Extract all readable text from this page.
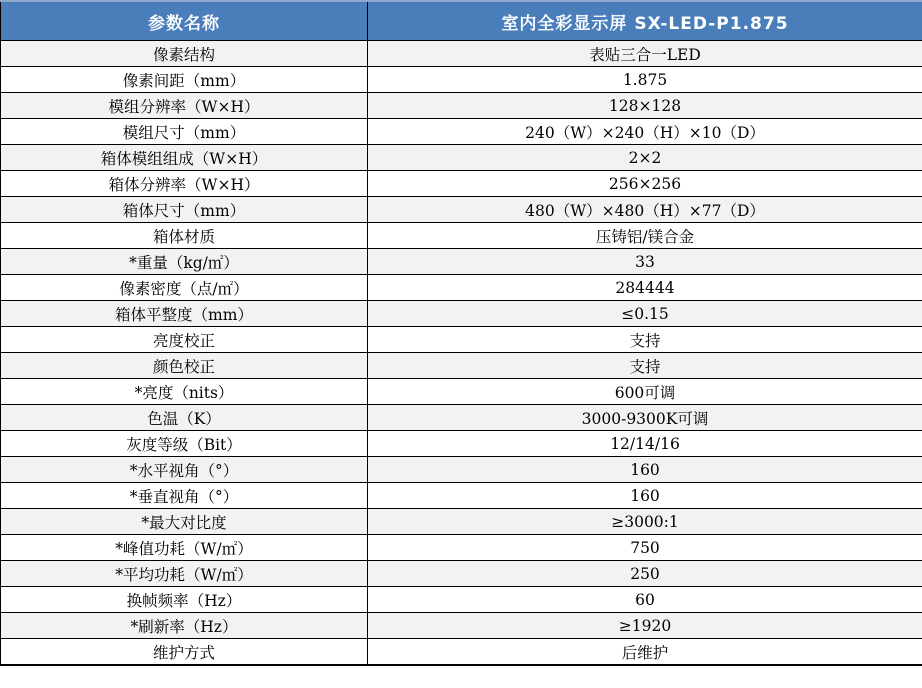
参数名称	室内全彩显示屏 SX-LED-P1.875
像素结构	表贴三合一LED
像素间距（mm）	1.875
模组分辨率（W×H）	128×128
模组尺寸（mm）	240（W）×240（H）×10（D）
箱体模组组成（W×H）	2×2
箱体分辨率（W×H）	256×256
箱体尺寸（mm）	480（W）×480（H）×77（D）
箱体材质	压铸铝/镁合金
*重量（kg/㎡）	33
像素密度（点/㎡）	284444
箱体平整度（mm）	≤0.15
亮度校正	支持
颜色校正	支持
*亮度（nits）	600可调
色温（K）	3000-9300K可调
灰度等级（Bit）	12/14/16
*水平视角（°）	160
*垂直视角（°）	160
*最大对比度	≥3000:1
*峰值功耗（W/㎡）	750
*平均功耗（W/㎡）	250
换帧频率（Hz）	60
*刷新率（Hz）	≥1920
维护方式	后维护
